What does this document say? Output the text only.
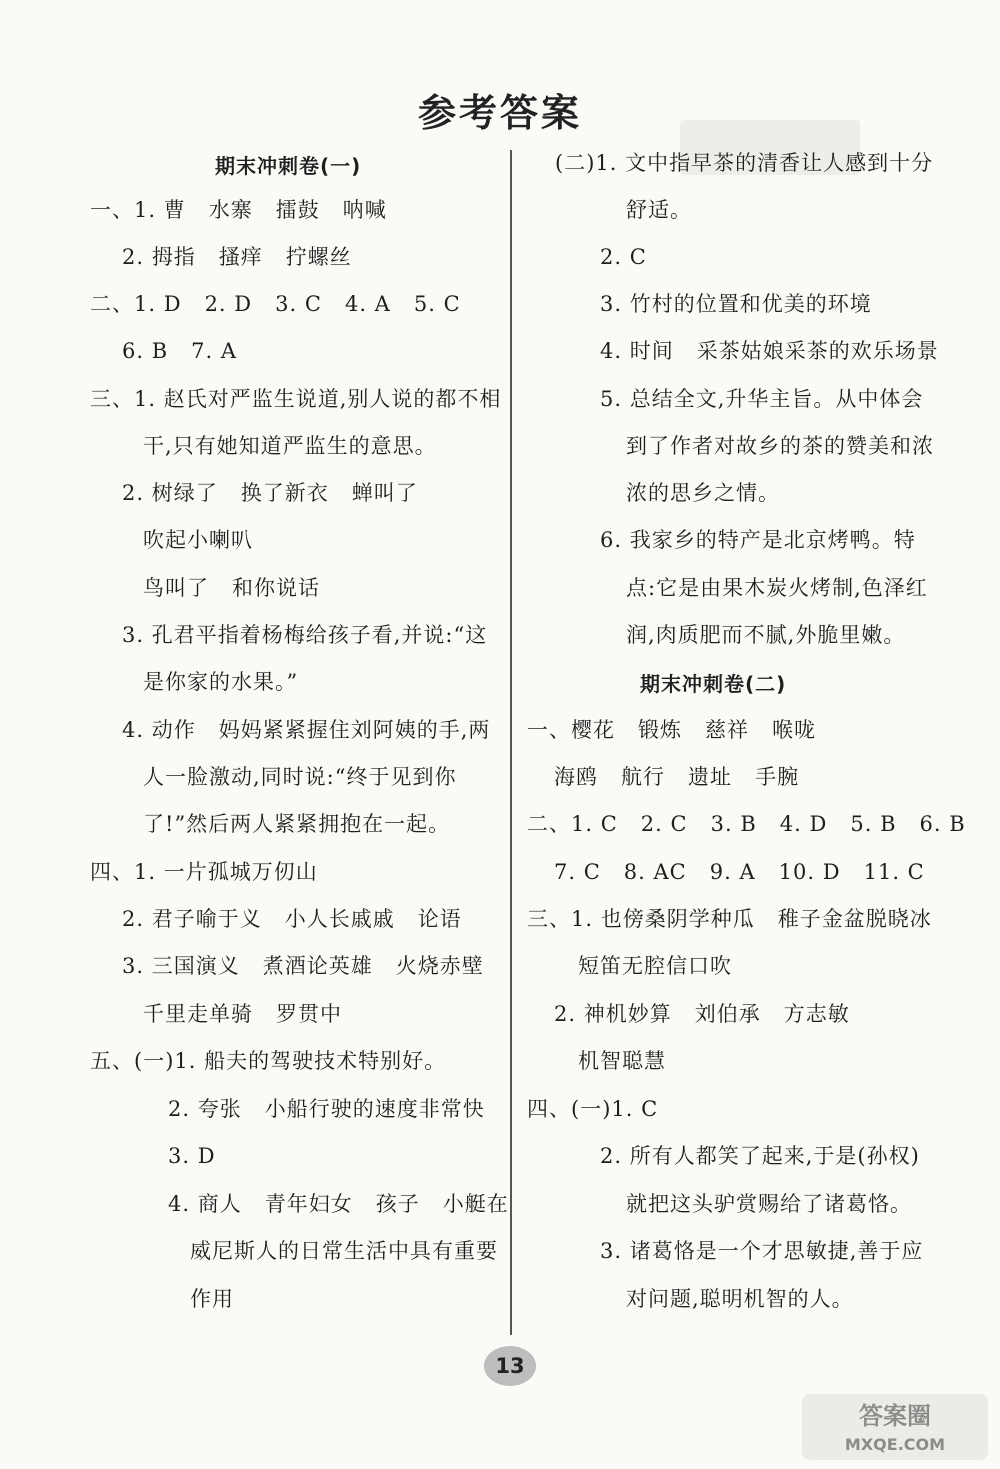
参考答案
期末冲刺卷(一)
一、1. 曹   水寨   擂鼓   呐喊
2. 拇指   搔痒   拧螺丝
二、1. D   2. D   3. C   4. A   5. C
6. B   7. A
三、1. 赵氏对严监生说道,别人说的都不相
干,只有她知道严监生的意思。
2. 树绿了   换了新衣   蝉叫了
吹起小喇叭
鸟叫了   和你说话
3. 孔君平指着杨梅给孩子看,并说:“这
是你家的水果。”
4. 动作   妈妈紧紧握住刘阿姨的手,两
人一脸激动,同时说:“终于见到你
了!”然后两人紧紧拥抱在一起。
四、1. 一片孤城万仞山
2. 君子喻于义   小人长戚戚   论语
3. 三国演义   煮酒论英雄   火烧赤壁
千里走单骑   罗贯中
五、(一)1. 船夫的驾驶技术特别好。
2. 夸张   小船行驶的速度非常快
3. D
4. 商人   青年妇女   孩子   小艇在
威尼斯人的日常生活中具有重要
作用
(二)1. 文中指早茶的清香让人感到十分
舒适。
2. C
3. 竹村的位置和优美的环境
4. 时间   采茶姑娘采茶的欢乐场景
5. 总结全文,升华主旨。从中体会
到了作者对故乡的茶的赞美和浓
浓的思乡之情。
6. 我家乡的特产是北京烤鸭。特
点:它是由果木炭火烤制,色泽红
润,肉质肥而不腻,外脆里嫩。
期末冲刺卷(二)
一、樱花   锻炼   慈祥   喉咙
海鸥   航行   遗址   手腕
二、1. C   2. C   3. B   4. D   5. B   6. B
7. C   8. AC   9. A   10. D   11. C
三、1. 也傍桑阴学种瓜   稚子金盆脱晓冰
短笛无腔信口吹
2. 神机妙算   刘伯承   方志敏
机智聪慧
四、(一)1. C
2. 所有人都笑了起来,于是(孙权)
就把这头驴赏赐给了诸葛恪。
3. 诸葛恪是一个才思敏捷,善于应
对问题,聪明机智的人。
13
答案圈
MXQE.COM
